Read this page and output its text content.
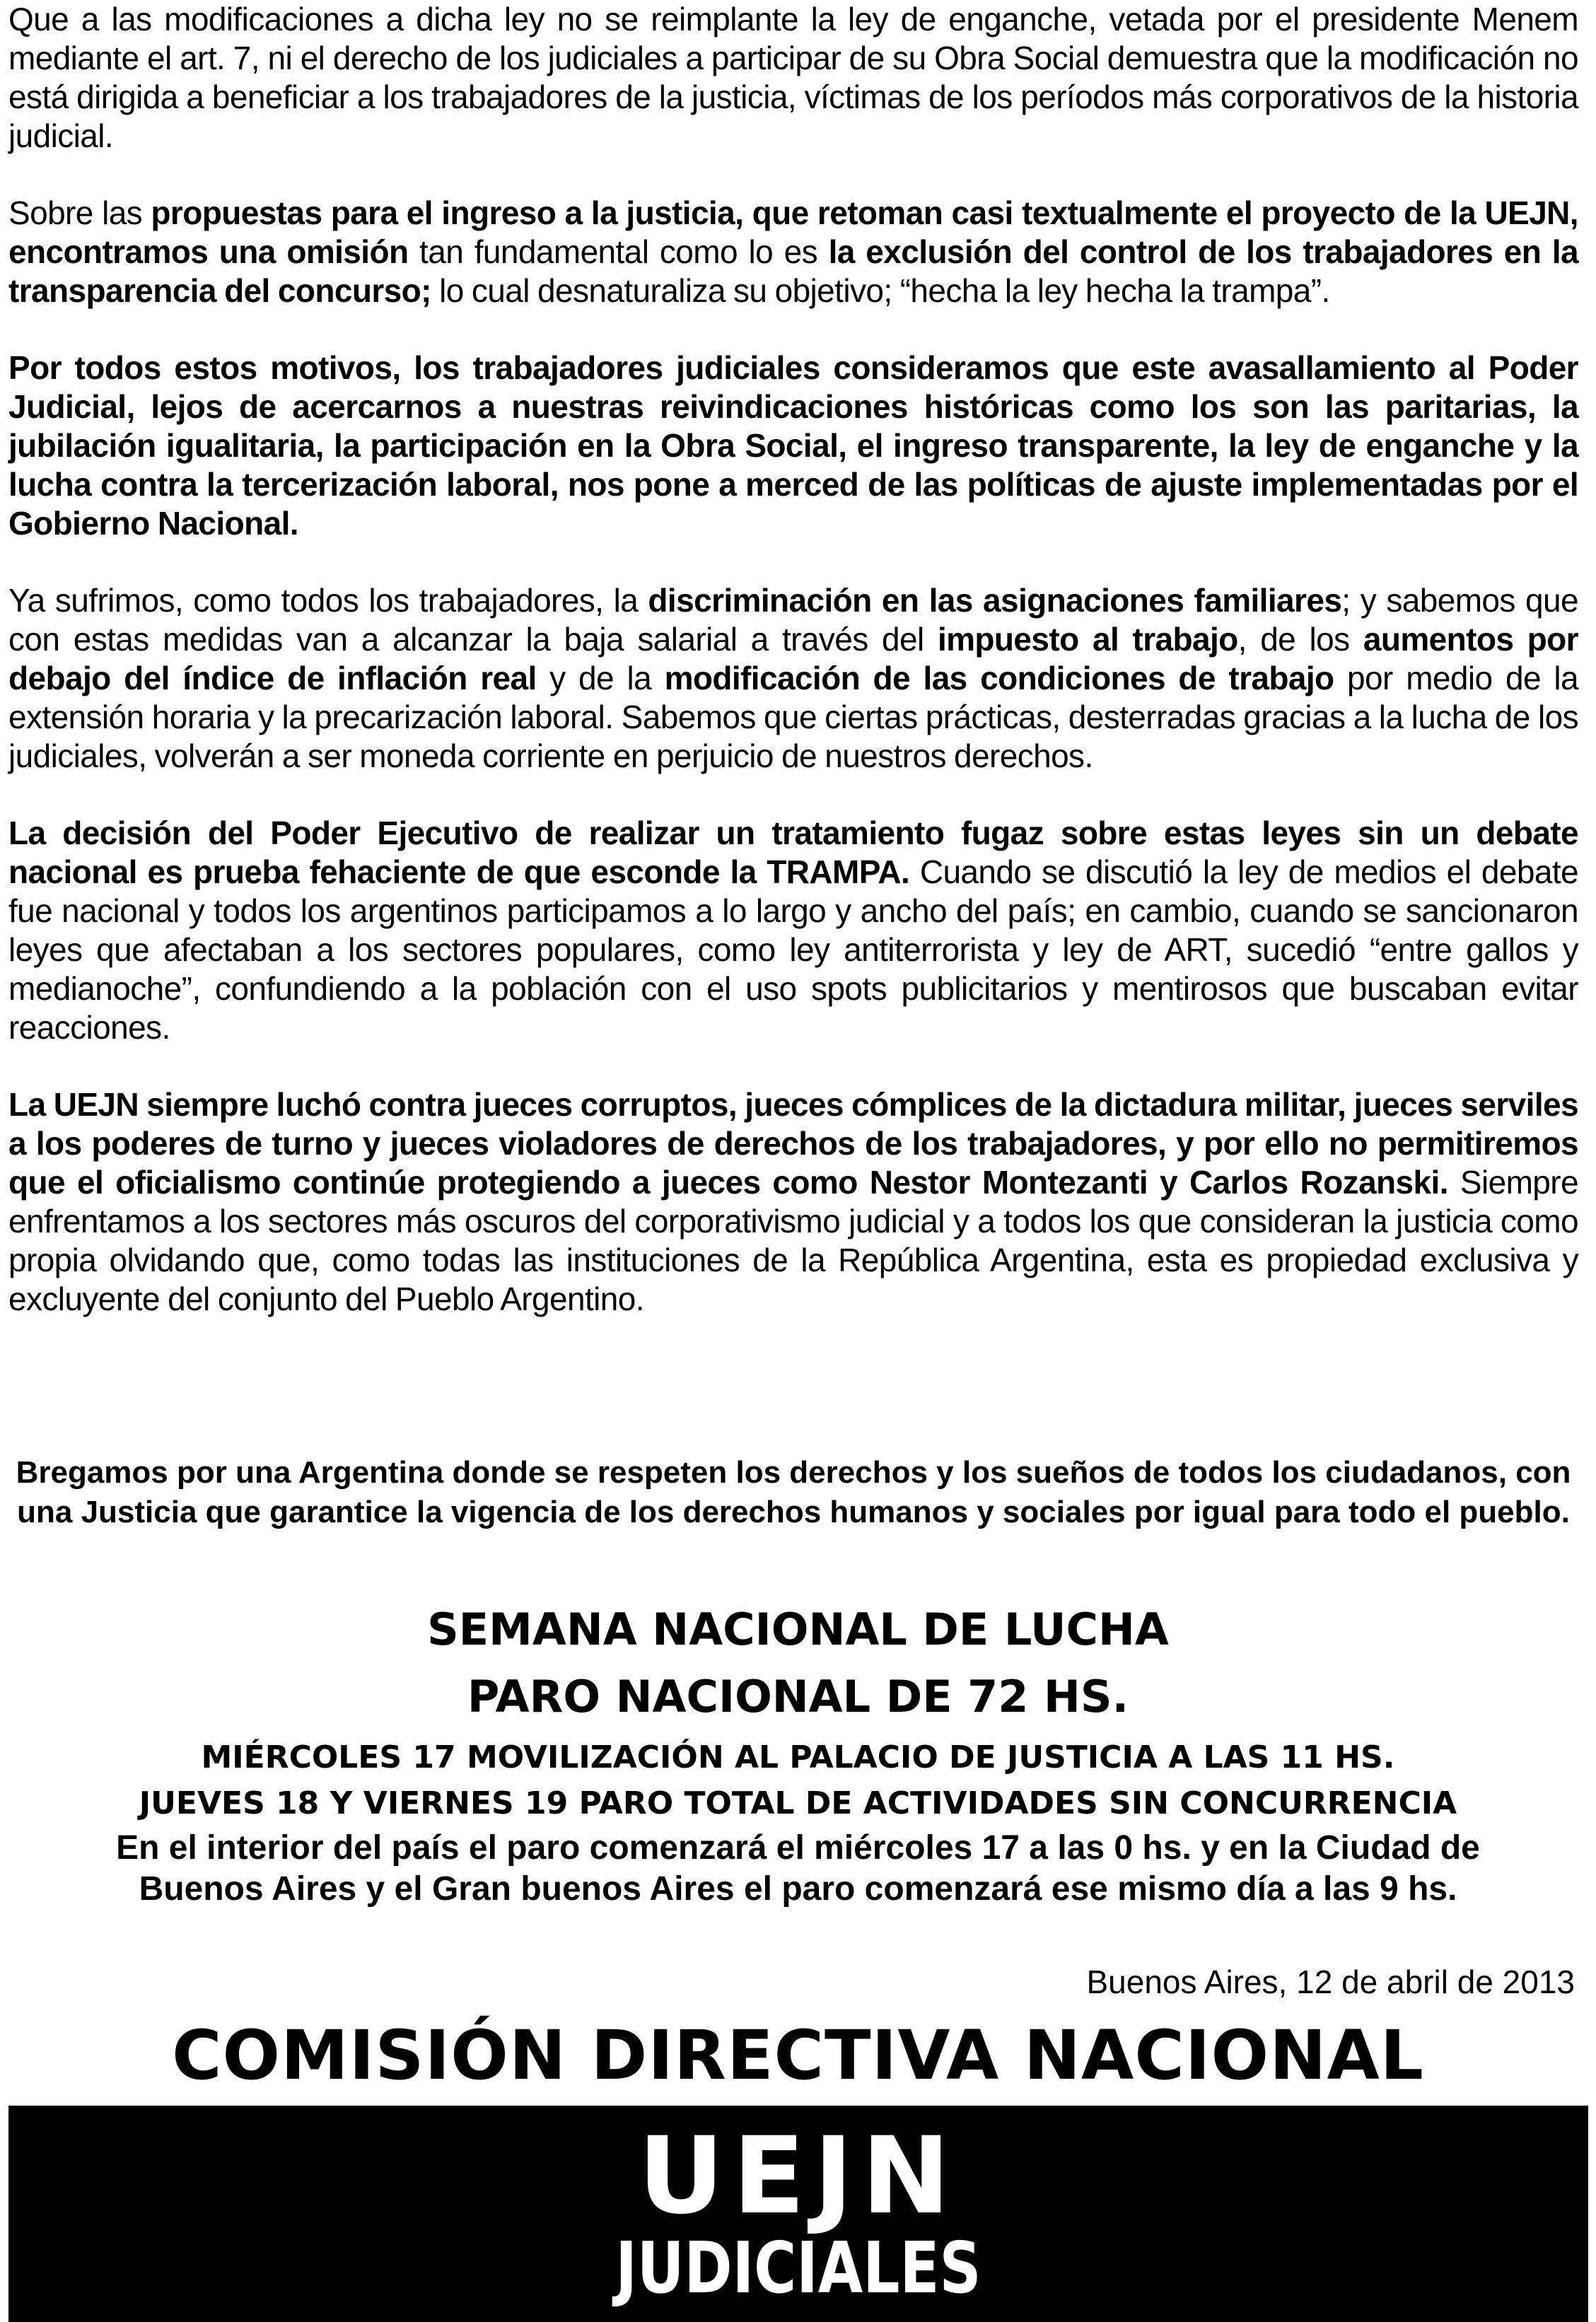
Que a las modificaciones a dicha ley no se reimplante la ley de enganche, vetada por el presidente Menem mediante el art. 7, ni el derecho de los judiciales a participar de su Obra Social demuestra que la modificación no está dirigida a beneficiar a los trabajadores de la justicia, víctimas de los períodos más corporativos de la historia judicial.

Sobre las propuestas para el ingreso a la justicia, que retoman casi textualmente el proyecto de la UEJN, encontramos una omisión tan fundamental como lo es la exclusión del control de los trabajadores en la transparencia del concurso; lo cual desnaturaliza su objetivo; “hecha la ley hecha la trampa”.

Por todos estos motivos, los trabajadores judiciales consideramos que este avasallamiento al Poder Judicial, lejos de acercarnos a nuestras reivindicaciones históricas como los son las paritarias, la jubilación igualitaria, la participación en la Obra Social, el ingreso transparente, la ley de enganche y la lucha contra la tercerización laboral, nos pone a merced de las políticas de ajuste implementadas por el Gobierno Nacional.

Ya sufrimos, como todos los trabajadores, la discriminación en las asignaciones familiares; y sabemos que con estas medidas van a alcanzar la baja salarial a través del impuesto al trabajo, de los aumentos por debajo del índice de inflación real y de la modificación de las condiciones de trabajo por medio de la extensión horaria y la precarización laboral. Sabemos que ciertas prácticas, desterradas gracias a la lucha de los judiciales, volverán a ser moneda corriente en perjuicio de nuestros derechos.

La decisión del Poder Ejecutivo de realizar un tratamiento fugaz sobre estas leyes sin un debate nacional es prueba fehaciente de que esconde la TRAMPA. Cuando se discutió la ley de medios el debate fue nacional y todos los argentinos participamos a lo largo y ancho del país; en cambio, cuando se sancionaron leyes que afectaban a los sectores populares, como ley antiterrorista y ley de ART, sucedió “entre gallos y medianoche”, confundiendo a la población con el uso spots publicitarios y mentirosos que buscaban evitar reacciones.

La UEJN siempre luchó contra jueces corruptos, jueces cómplices de la dictadura militar, jueces serviles a los poderes de turno y jueces violadores de derechos de los trabajadores, y por ello no permitiremos que el oficialismo continúe protegiendo a jueces como Nestor Montezanti y Carlos Rozanski. Siempre enfrentamos a los sectores más oscuros del corporativismo judicial y a todos los que consideran la justicia como propia olvidando que, como todas las instituciones de la República Argentina, esta es propiedad exclusiva y excluyente del conjunto del Pueblo Argentino.

Bregamos por una Argentina donde se respeten los derechos y los sueños de todos los ciudadanos, con una Justicia que garantice la vigencia de los derechos humanos y sociales por igual para todo el pueblo.

SEMANA NACIONAL DE LUCHA

PARO NACIONAL DE 72 HS.

MIÉRCOLES 17 MOVILIZACIÓN AL PALACIO DE JUSTICIA A LAS 11 HS.

JUEVES 18 Y VIERNES 19 PARO TOTAL DE ACTIVIDADES SIN CONCURRENCIA

En el interior del país el paro comenzará el miércoles 17 a las 0 hs. y en la Ciudad de
Buenos Aires y el Gran buenos Aires el paro comenzará ese mismo día a las 9 hs.

Buenos Aires, 12 de abril de 2013

COMISIÓN DIRECTIVA NACIONAL

UEJN

JUDICIALES
